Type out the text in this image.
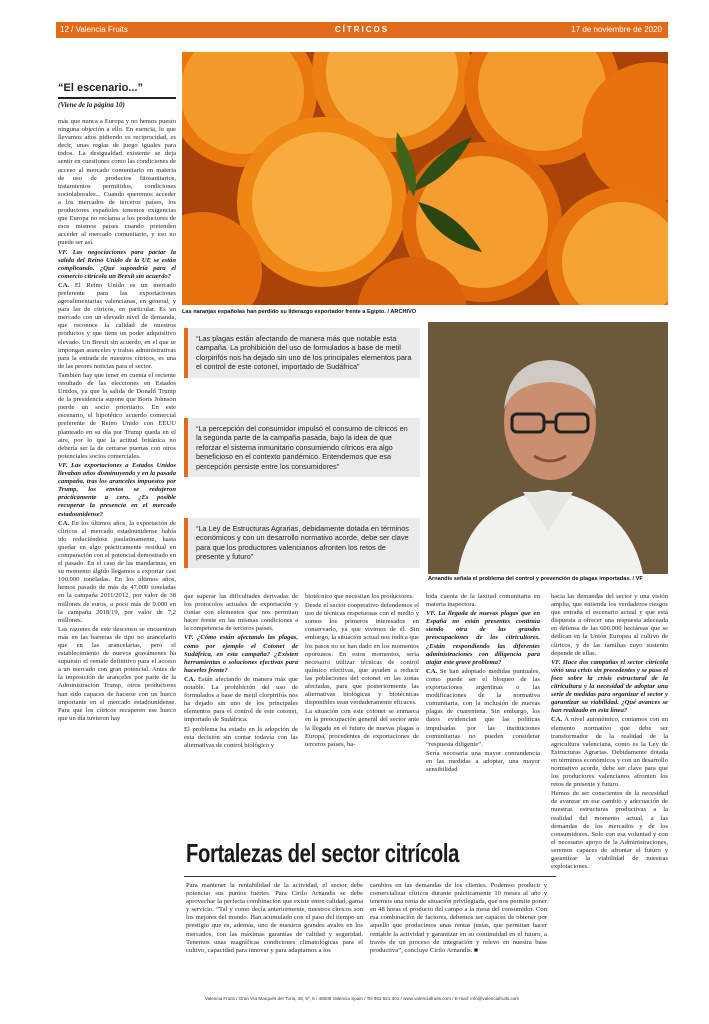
12 / Valencia Fruits	CÍTRICOS	17 de noviembre de 2020
Las naranjas españolas han perdido su liderazgo exportador frente a Egipto. / ARCHIVO
Arnandis señala el problema del control y prevención de plagas importadas. / VF
“El escenario...”
(Viene de la página 10)

más que nunca a Europa y no hemos puesto ninguna objeción a ello. En esencia, lo que llevamos años pidiendo es reciprocidad, es decir, unas reglas de juego iguales para todos. La desigualdad existente se deja sentir en cuestiones como las condiciones de acceso al mercado comunitario en materia de uso de productos fitosanitarios, tratamientos permitidos, condiciones sociolaborales... Cuando queremos acceder a los mercados de terceros países, los productores españoles tenemos exigencias que Europa no reclama a los productores de esos mismos países cuando pretenden acceder al mercado comunitario, y eso no puede ser así.

VF. Las negociaciones para pactar la salida del Reino Unido de la UE se están complicando. ¿Qué supondría para el comercio citrícola un Brexit sin acuerdo?

CA. El Reino Unido es un mercado preferente para las exportaciones agroalimentarias valencianas, en general, y para las de cítricos, en particular. Es un mercado con un elevado nivel de demanda, que reconoce la calidad de nuestros productos y que tiene un poder adquisitivo elevado. Un Brexit sin acuerdo, en el que se impongan aranceles y trabas administrativas para la entrada de nuestros cítricos, es una de las peores noticias para el sector.

También hay que tener en cuenta el reciente resultado de las elecciones en Estados Unidos, ya que la salida de Donald Trump de la presidencia supone que Boris Johnson pierde un socio prioritario. En este escenario, el hipotético acuerdo comercial preferente de Reino Unido con EEUU planteado en su día por Trump queda en el aire, por lo que la actitud británica no debería ser la de cerrarse puertas con otros potenciales socios comerciales.

VF. Las exportaciones a Estados Unidos llevaban años disminuyendo y en la pasada campaña, tras los aranceles impuestos por Trump, los envíos se redujeron prácticamente a cero. ¿Es posible recuperar la presencia en el mercado estadounidense?

CA. En los últimos años, la exportación de cítricos al mercado estadounidense había ido reduciéndose paulatinamente, hasta quedar en algo prácticamente residual en comparación con el potencial demostrado en el pasado. En el caso de las mandarinas, en su momento álgido llegamos a exportar casi 100.000 toneladas. En los últimos años, hemos pasado de más de 47.000 toneladas en la campaña 2011/2012, por valor de 38 millones de euros, a poco más de 9.000 en la campaña 2018/19, por valor de 7,2 millones.

Las razones de este descenso se encuentran más en las barreras de tipo no arancelario que en las arancelarias, pero el establecimiento de nuevos gravámenes ha supuesto el remate definitivo para el acceso a un mercado con gran potencial. Antes de la imposición de aranceles por parte de la Administración Trump, otros productores han sido capaces de hacerse con un hueco importante en el mercado estadounidense. Para que los cítricos recuperen ese hueco que un día tuvieron hay

“Las plagas están afectando de manera más que notable esta campaña. La prohibición del uso de formulados a base de metil clorpirifós nos ha dejado sin uno de los principales elementos para el control de este cotonet, importado de Sudáfrica”
“La percepción del consumidor impulsó el consumo de cítricos en la segunda parte de la campaña pasada, bajo la idea de que reforzar el sistema inmunitario consumiendo cítricos era algo beneficioso en el contexto pandémico. Entendemos que esa percepción persiste entre los consumidores”
“La Ley de Estructuras Agrarias, debidamente dotada en términos económicos y con un desarrollo normativo acorde, debe ser clave para que los productores valencianos afronten los retos de presente y futuro”

que superar las dificultades derivadas de los protocolos actuales de exportación y contar con elementos que nos permitan hacer frente en las mismas condiciones a la competencia de terceros países.

VF. ¿Cómo están afectando las plagas, como por ejemplo el Cotonet de Sudáfrica, en esta campaña? ¿Existen herramientas o soluciones efectivas para hacerles frente?

CA. Están afectando de manera más que notable. La prohibición del uso de formulados a base de metil clorpirifós nos ha dejado sin uno de los principales elementos para el control de este cotonet, importado de Sudáfrica.

El problema ha estado en la adopción de esta decisión sin contar todavía con las alternativas de control biológico y

biotécnico que necesitan los productores.

Desde el sector cooperativo defendemos el uso de técnicas respetuosas con el medio y somos los primeros interesados en conservarlo, ya que vivimos de él. Sin embargo, la situación actual nos indica que los pasos no se han dado en los momentos oportunos. En estos momentos, sería necesario utilizar técnicas de control químico efectivas, que ayuden a reducir las poblaciones del cotonet en las zonas afectadas, para que posteriormente las alternativas biológicas y biotécnicas disponibles sean verdaderamente eficaces.

La situación con este cotonet se enmarca en la preocupación general del sector ante la llegada en el futuro de nuevas plagas a Europa, procedentes de exportaciones de terceros países, ha-

bida cuenta de la laxitud comunitaria en materia inspectora.

VF. La llegada de nuevas plagas que en España no están presentes continúa siendo otra de las grandes preocupaciones de los citricultores. ¿Están respondiendo las diferentes administraciones con diligencia para atajar este grave problema?

CA. Se han adoptado medidas puntuales, como puede ser el bloqueo de las exportaciones argentinas o las modificaciones de la normativa comunitaria, con la inclusión de nuevas plagas de cuarentena. Sin embargo, los datos evidencian que las políticas impulsadas por las instituciones comunitarias no pueden considerar “respuesta diligente”.

Sería necesaria una mayor contundencia en las medidas a adoptar, una mayor sensibilidad

hacia las demandas del sector y una visión amplia, que entienda los verdaderos riesgos que entraña el escenario actual y que está dispuesta a ofrecer una respuesta adecuada en defensa de las 600.000 hectáreas que se dedican en la Unión Europea al cultivo de cítricos, y de las familias cuyo sustento depende de ellas.

VF. Hace dos campañas el sector citrícola vivió una crisis sin precedentes y se puso el foco sobre la crisis estructural de la citricultura y la necesidad de adoptar una serie de medidas para organizar el sector y garantizar su viabilidad. ¿Qué avances se han realizado en esta línea?

CA. A nivel autonómico, contamos con un elemento normativo que debe ser transformador de la realidad de la agricultura valenciana, como es la Ley de Estructuras Agrarias. Debidamente dotada en términos económicos y con un desarrollo normativo acorde, debe ser clave para que los productores valencianos afronten los retos de presente y futuro.

Hemos de ser conscientes de la necesidad de avanzar en ese cambio y adecuación de nuestras estructuras productivas a la realidad del momento actual, a las demandas de los mercados y de los consumidores. Solo con esa voluntad y con el necesario apoyo de la Administraciones, seremos capaces de afrontar el futuro y garantizar la viabilidad de nuestras explotaciones.

Fortalezas del sector citrícola
Para mantener la rentabilidad de la actividad, el sector debe potenciar sus puntos fuertes. Para Cirilo Arnandis se debe aprovechar la perfecta combinación que existe entre calidad, gama y servicio. “Tal y como decía anteriormente, nuestros cítricos son los mejores del mundo. Han acumulado con el paso del tiempo un prestigio que es, además, uno de nuestros grandes avales en los mercados, con las máximas garantías de calidad y seguridad. Tenemos unas magníficas condiciones climatológicas para el cultivo, capacidad para innovar y para adaptarnos a los
cambios en las demandas de los clientes. Podemos producir y comercializar cítricos durante prácticamente 10 meses al año y tenemos una renta de situación privilegiada, que nos permite poner en 48 horas el producto del campo a la mesa del consumidor. Con esa combinación de factores, debemos ser capaces de obtener por aquello que producimos unas rentas justas, que permitan hacer rentable la actividad y garantizar en su continuidad en el futuro, a través de un proceso de integración y relevo en nuestra base productiva”, concluye Cirilo Arnandis. ■
Valencia Fruits / Gran Vía Marqués del Turia, 49, 5º, 6 / 46005 Valencia Spain / Tel 963 521 301 / www.valenciafruits.com / E-mail: info@valenciafruits.com
